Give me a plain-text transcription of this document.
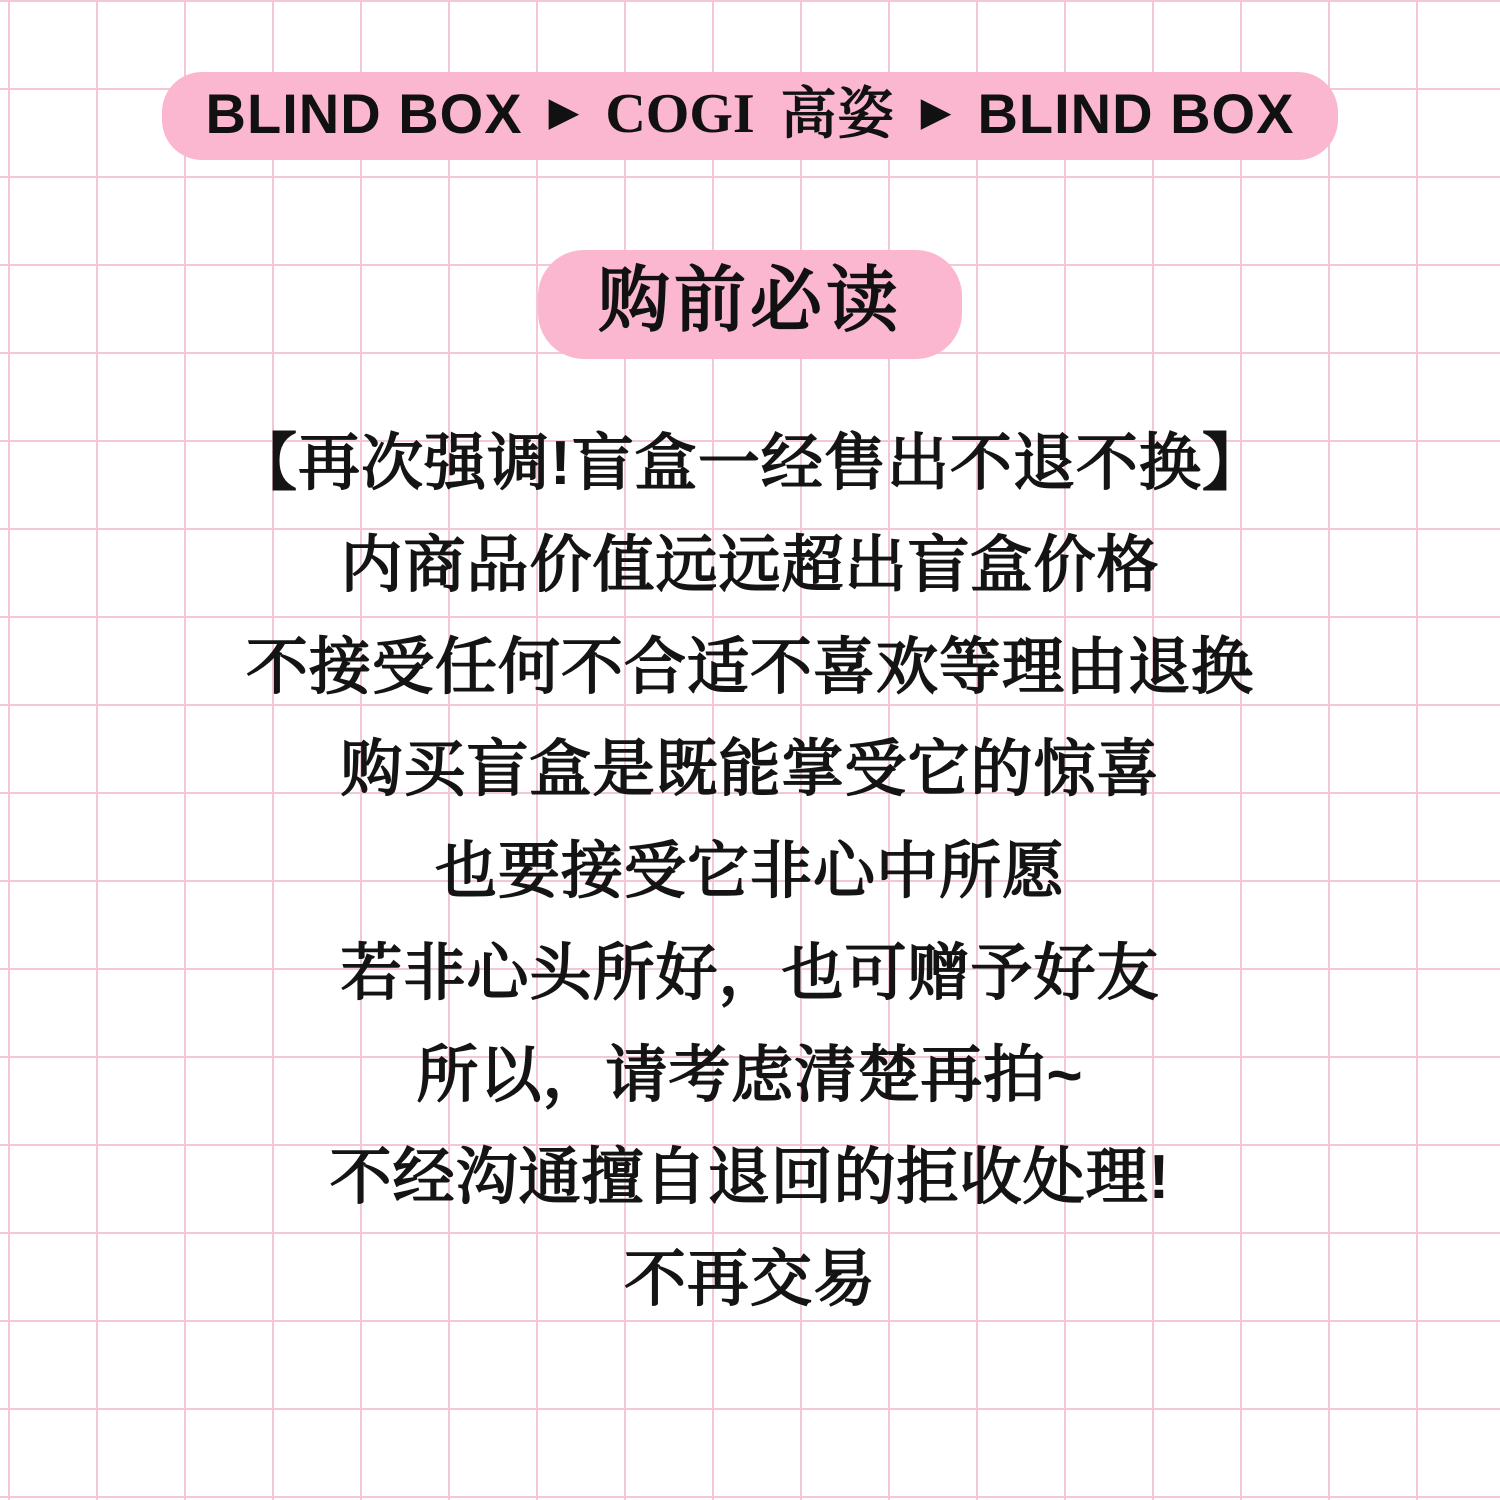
BLIND BOX ▶ COGI 高姿 ▶ BLIND BOX
购前必读
【再次强调!盲盒一经售出不退不换】
内商品价值远远超出盲盒价格
不接受任何不合适不喜欢等理由退换
购买盲盒是既能掌受它的惊喜
也要接受它非心中所愿
若非心头所好，也可赠予好友
所以，请考虑清楚再拍~
不经沟通擅自退回的拒收处理!
不再交易
